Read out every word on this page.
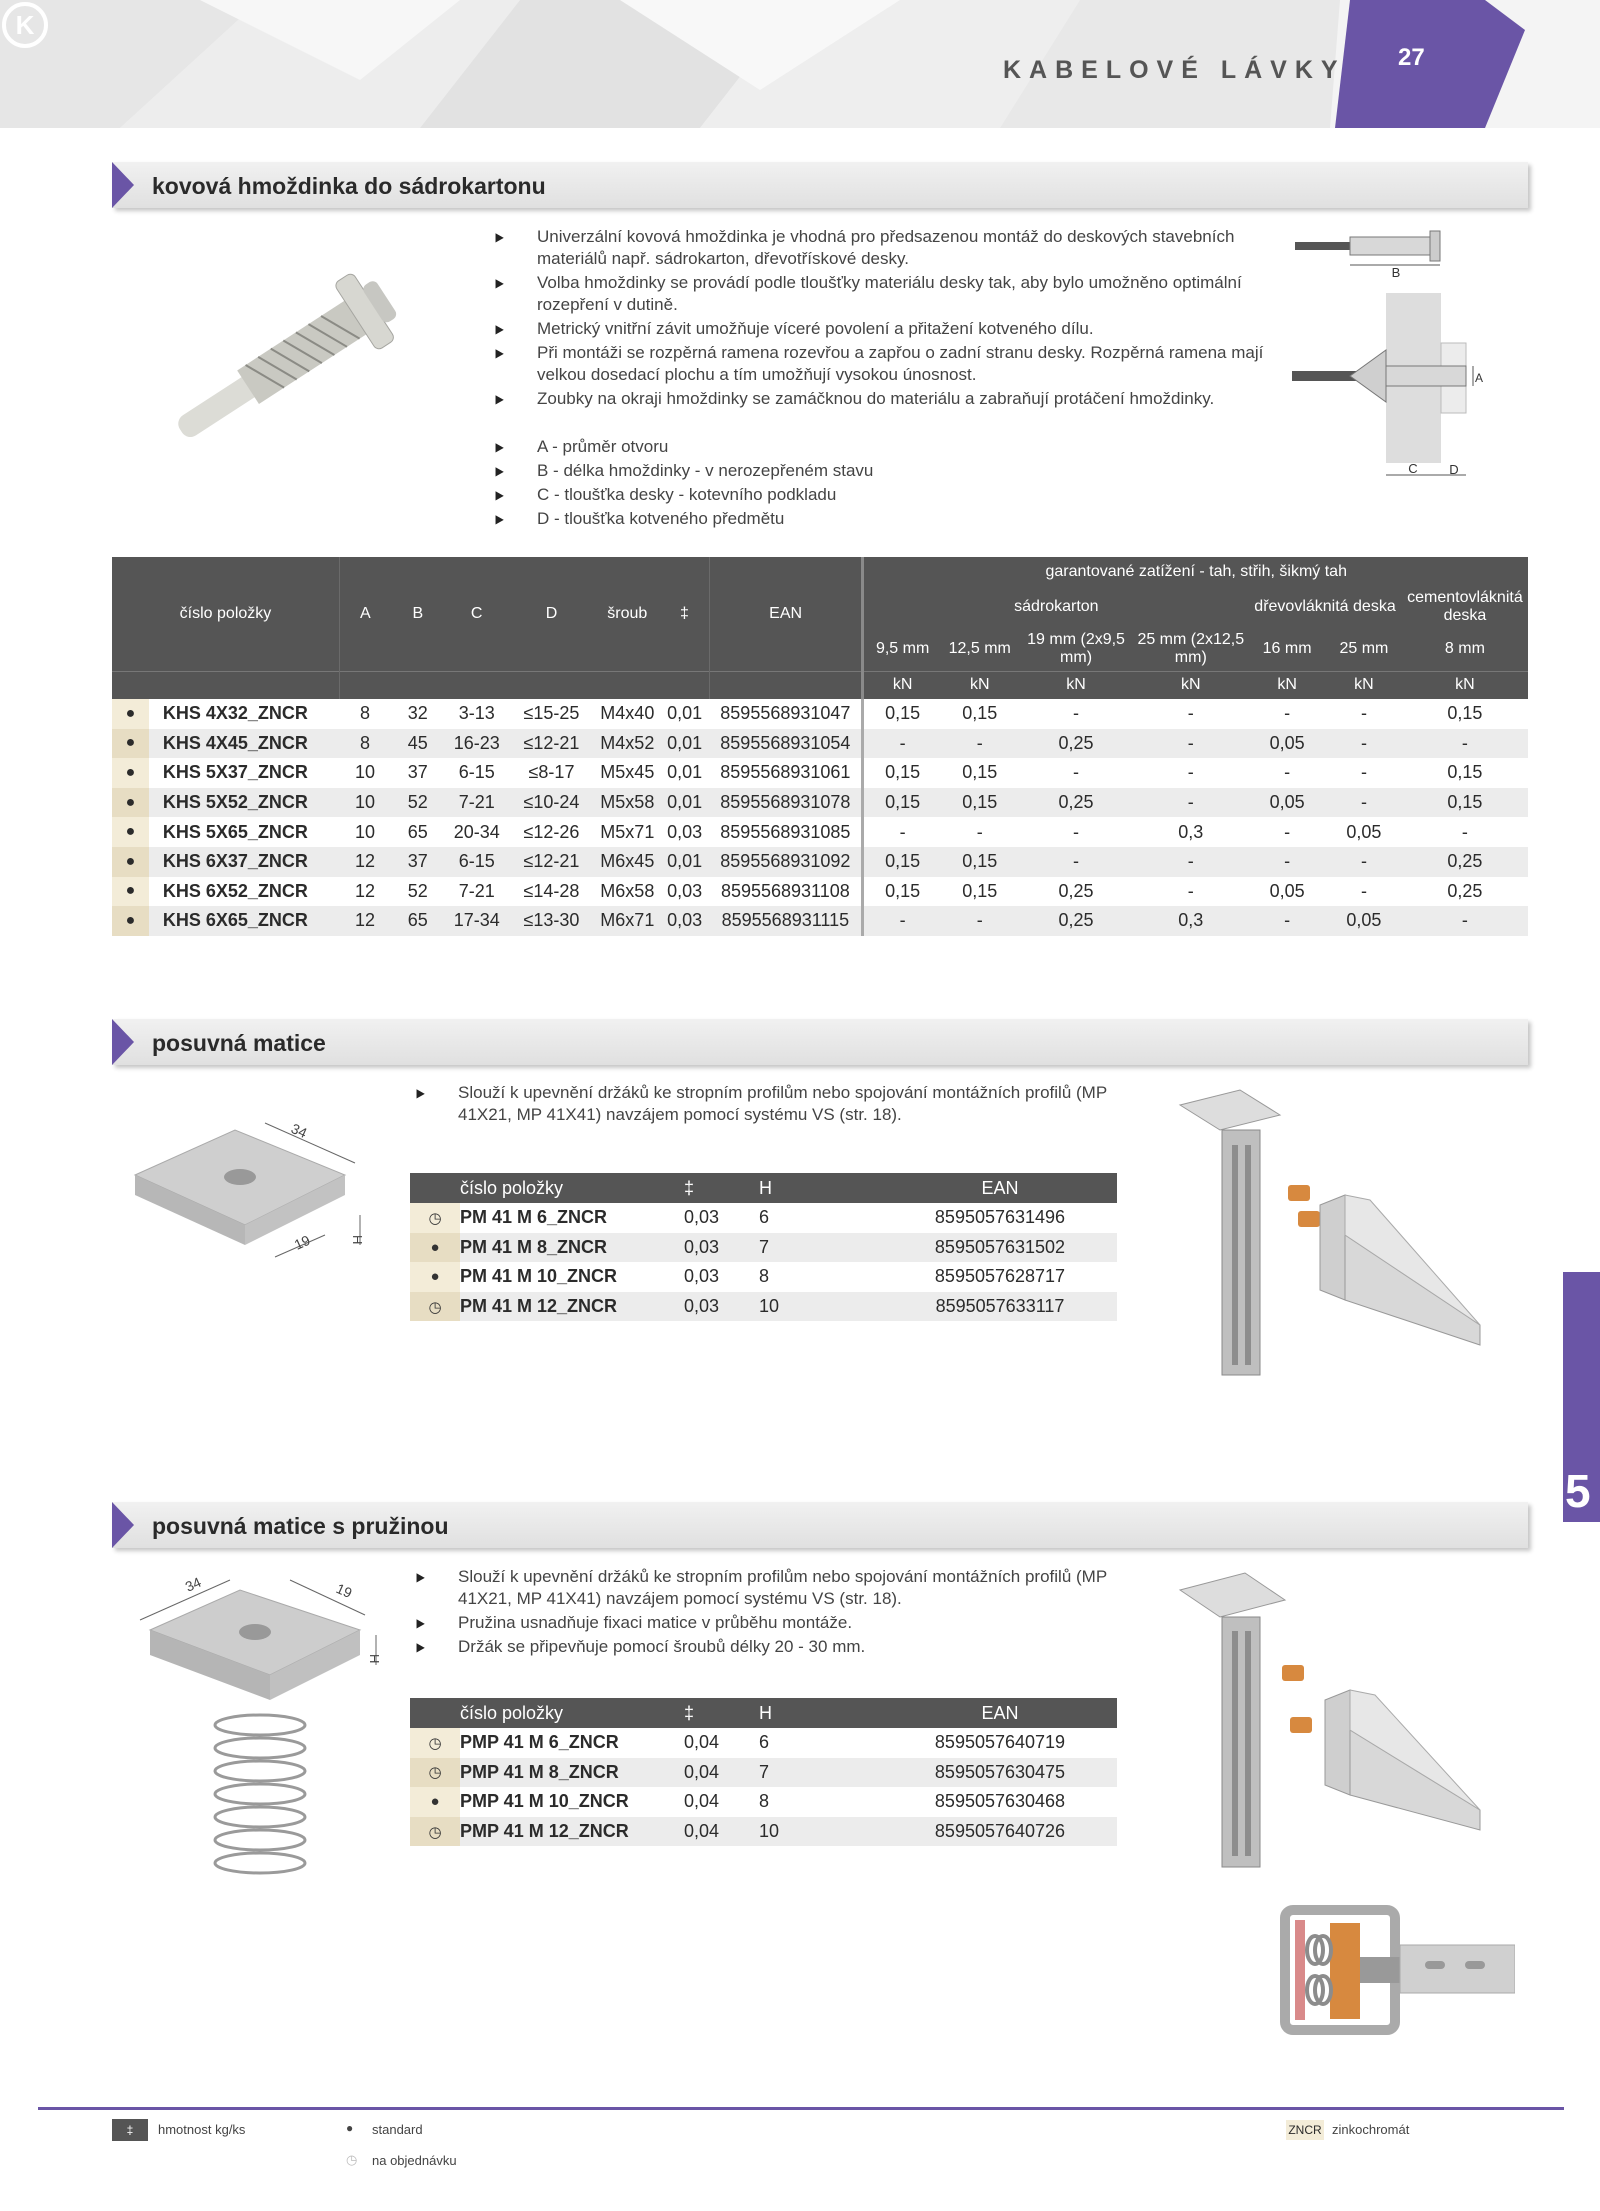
KABELOVÉ LÁVKY 27
K
kovová hmoždinka do sádrokartonu
▶ Univerzální kovová hmoždinka je vhodná pro předsazenou montáž do deskových stavebních materiálů např. sádrokarton, dřevotřískové desky.
▶ Volba hmoždinky se provádí podle tloušťky materiálu desky tak, aby bylo umožněno optimální rozepření v dutině.
▶ Metrický vnitřní závit umožňuje víceré povolení a přitažení kotveného dílu.
▶ Při montáži se rozpěrná ramena rozevřou a zapřou o zadní stranu desky. Rozpěrná ramena mají velkou dosedací plochu a tím umožňují vysokou únosnost.
▶ Zoubky na okraji hmoždinky se zamáčknou do materiálu a zabraňují protáčení hmoždinky.
▶ A - průměr otvoru
▶ B - délka hmoždinky - v nerozepřeném stavu
▶ C - tloušťka desky - kotevního podkladu
▶ D - tloušťka kotveného předmětu
B
A
C D
číslo položky		A	B	C	D	šroub	‡	EAN	garantované zatížení - tah, střih, šikmý tah						
									sádrokarton				dřevovláknitá deska		cementovláknitá deska
									9,5 mm	12,5 mm	19 mm (2x9,5 mm)	25 mm (2x12,5 mm)	16 mm	25 mm	8 mm
									kN	kN	kN	kN	kN	kN	kN
●	KHS 4X32_ZNCR	8	32	3-13	≤15-25	M4x40	0,01	8595568931047	0,15	0,15	-	-	-	-	0,15
●	KHS 4X45_ZNCR	8	45	16-23	≤12-21	M4x52	0,01	8595568931054	-	-	0,25	-	0,05	-	-
●	KHS 5X37_ZNCR	10	37	6-15	≤8-17	M5x45	0,01	8595568931061	0,15	0,15	-	-	-	-	0,15
●	KHS 5X52_ZNCR	10	52	7-21	≤10-24	M5x58	0,01	8595568931078	0,15	0,15	0,25	-	0,05	-	0,15
●	KHS 5X65_ZNCR	10	65	20-34	≤12-26	M5x71	0,03	8595568931085	-	-	-	0,3	-	0,05	-
●	KHS 6X37_ZNCR	12	37	6-15	≤12-21	M6x45	0,01	8595568931092	0,15	0,15	-	-	-	-	0,25
●	KHS 6X52_ZNCR	12	52	7-21	≤14-28	M6x58	0,03	8595568931108	0,15	0,15	0,25	-	0,05	-	0,25
●	KHS 6X65_ZNCR	12	65	17-34	≤13-30	M6x71	0,03	8595568931115	-	-	0,25	0,3	-	0,05	-
posuvná matice
34
H
19
▶ Slouží k upevnění držáků ke stropním profilům nebo spojování montážních profilů (MP 41X21, MP 41X41) navzájem pomocí systému VS (str. 18).
	číslo položky	‡	H	EAN
◷	PM 41 M 6_ZNCR	0,03	6	8595057631496
●	PM 41 M 8_ZNCR	0,03	7	8595057631502
●	PM 41 M 10_ZNCR	0,03	8	8595057628717
◷	PM 41 M 12_ZNCR	0,03	10	8595057633117
posuvná matice s pružinou
34	19
H
▶ Slouží k upevnění držáků ke stropním profilům nebo spojování montážních profilů (MP 41X21, MP 41X41) navzájem pomocí systému VS (str. 18).
▶ Pružina usnadňuje fixaci matice v průběhu montáže.
▶ Držák se připevňuje pomocí šroubů délky 20 - 30 mm.
	číslo položky	‡	H	EAN
◷	PMP 41 M 6_ZNCR	0,04	6	8595057640719
◷	PMP 41 M 8_ZNCR	0,04	7	8595057630475
●	PMP 41 M 10_ZNCR	0,04	8	8595057630468
◷	PMP 41 M 12_ZNCR	0,04	10	8595057640726
5
‡	hmotnost kg/ks	● standard
◷ na objednávku
ZNCR zinkochromát
